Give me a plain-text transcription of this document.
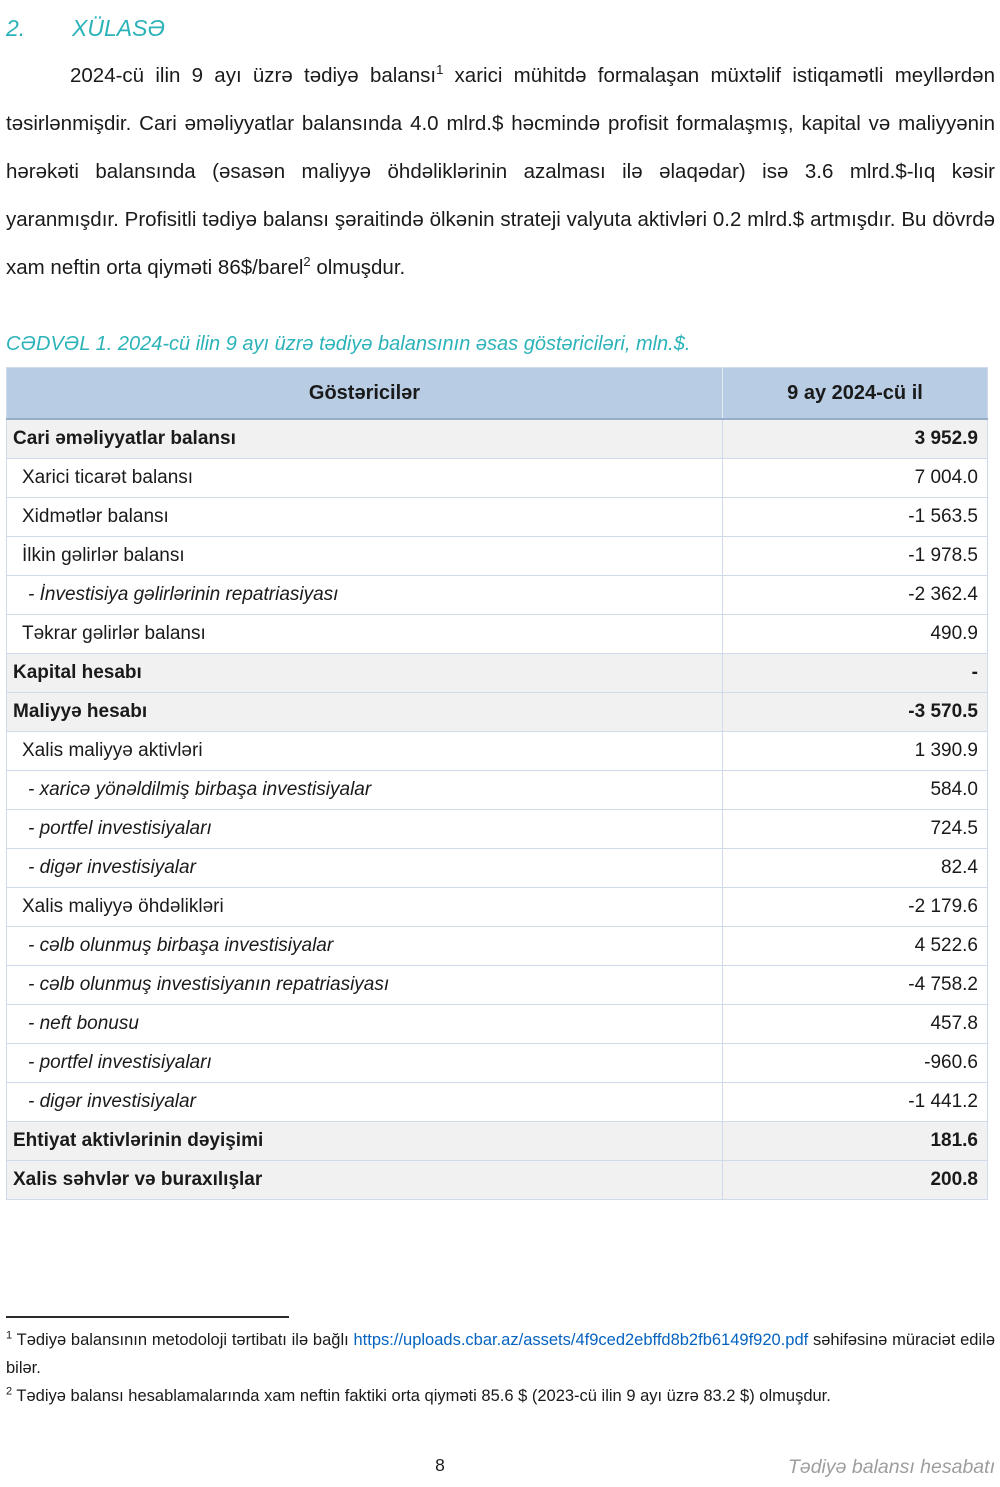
2.	XÜLASƏ

2024-cü ilin 9 ayı üzrə tədiyə balansı$^1$ xarici mühitdə formalaşan müxtəlif istiqamətli meyllərdən təsirlənmişdir. Cari əməliyyatlar balansında 4.0 mlrd.$ həcmində profisit formalaşmış, kapital və maliyyənin hərəkəti balansında (əsasən maliyyə öhdəliklərinin azalması ilə əlaqədar) isə 3.6 mlrd.$-lıq kəsir yaranmışdır. Profisitli tədiyə balansı şəraitində ölkənin strateji valyuta aktivləri 0.2 mlrd.$ artmışdır. Bu dövrdə xam neftin orta qiyməti 86$/barel$^2$ olmuşdur.

CƏDVƏL 1. 2024-cü ilin 9 ayı üzrə tədiyə balansının əsas göstəriciləri, mln.$.

Göstəricilər	9 ay 2024-cü il
Cari əməliyyatlar balansı	3 952.9
Xarici ticarət balansı	7 004.0
Xidmətlər balansı	-1 563.5
İlkin gəlirlər balansı	-1 978.5
- İnvestisiya gəlirlərinin repatriasiyası	-2 362.4
Təkrar gəlirlər balansı	490.9
Kapital hesabı	-
Maliyyə hesabı	-3 570.5
Xalis maliyyə aktivləri	1 390.9
- xaricə yönəldilmiş birbaşa investisiyalar	584.0
- portfel investisiyaları	724.5
- digər investisiyalar	82.4
Xalis maliyyə öhdəlikləri	-2 179.6
- cəlb olunmuş birbaşa investisiyalar	4 522.6
- cəlb olunmuş investisiyanın repatriasiyası	-4 758.2
- neft bonusu	457.8
- portfel investisiyaları	-960.6
- digər investisiyalar	-1 441.2
Ehtiyat aktivlərinin dəyişimi	181.6
Xalis səhvlər və buraxılışlar	200.8

$^1$ Tədiyə balansının metodoloji tərtibatı ilə bağlı https://uploads.cbar.az/assets/4f9ced2ebffd8b2fb6149f920.pdf səhifəsinə müraciət edilə bilər.

$^2$ Tədiyə balansı hesablamalarında xam neftin faktiki orta qiyməti 85.6 $ (2023-cü ilin 9 ayı üzrə 83.2 $) olmuşdur.

8	Tədiyə balansı hesabatı
